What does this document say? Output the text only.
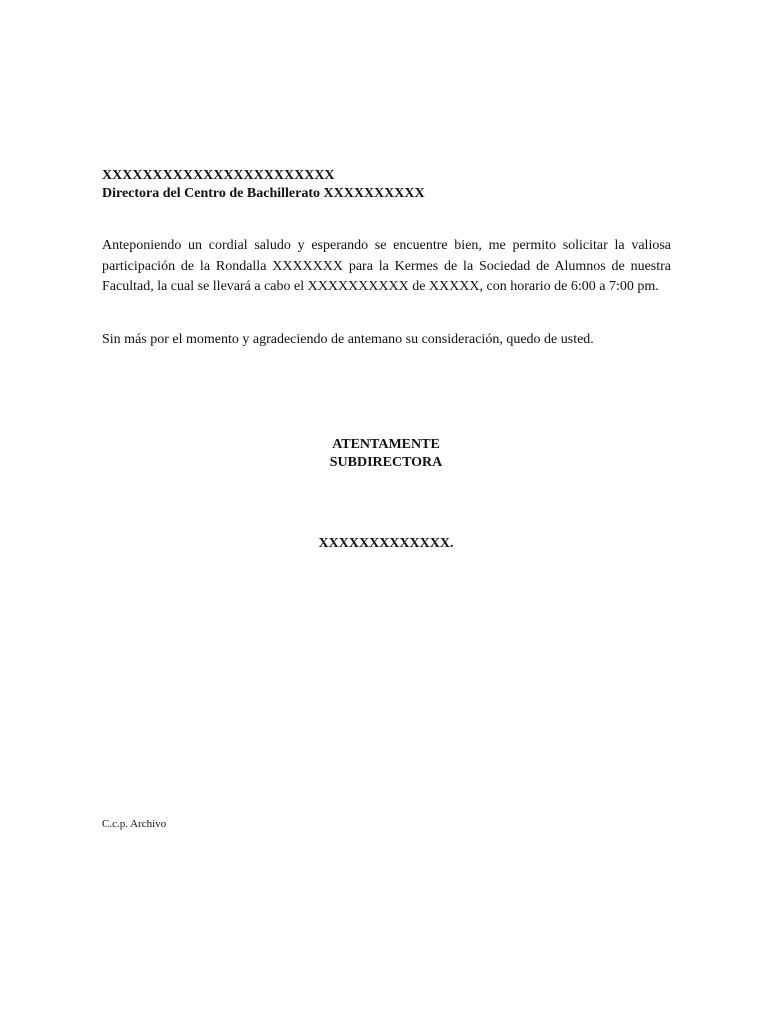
XXXXXXXXXXXXXXXXXXXXXXX
Directora del Centro de Bachillerato XXXXXXXXXX
Anteponiendo un cordial saludo y esperando se encuentre bien, me permito solicitar la valiosa participación de la Rondalla XXXXXXX para la Kermes de la Sociedad de Alumnos de nuestra Facultad, la cual se llevará a cabo el XXXXXXXXXX de XXXXX, con horario de 6:00 a 7:00 pm.
Sin más por el momento y agradeciendo de antemano su consideración, quedo de usted.
ATENTAMENTE
SUBDIRECTORA
XXXXXXXXXXXXX.
C.c.p. Archivo
